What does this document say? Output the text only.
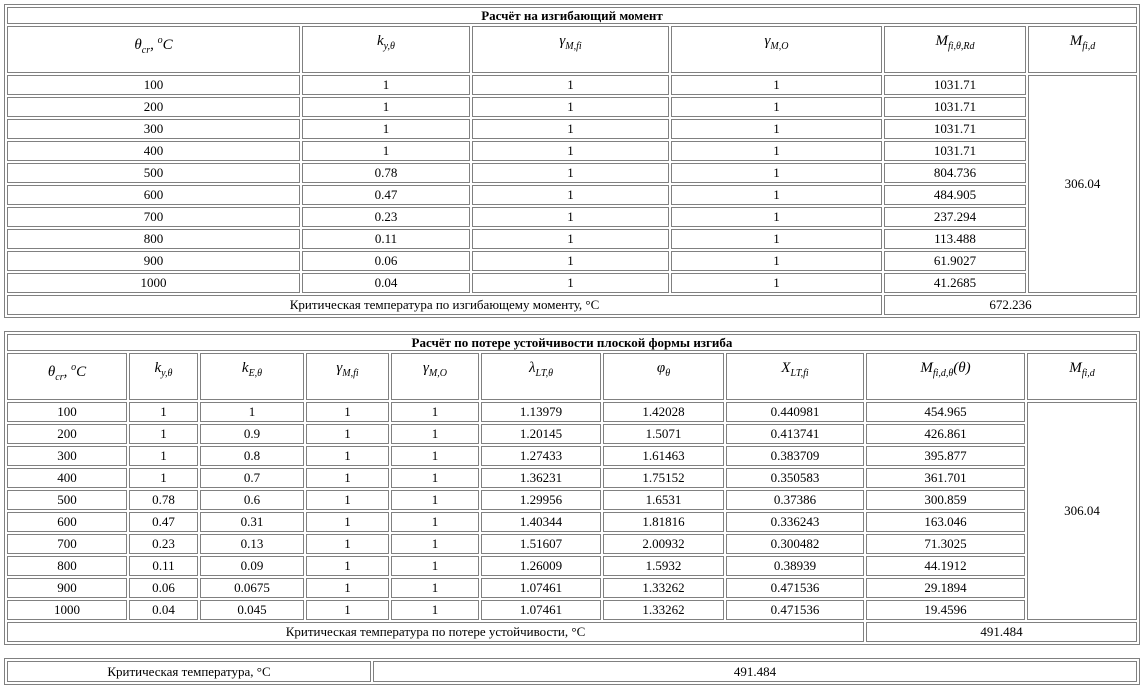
Расчёт на изгибающий момент					
$\theta_{cr}$, $^o$C	$k_{y,\theta}$	$\gamma_{M,fi}$	$\gamma_{M,O}$	$M_{fi,\theta,Rd}$	$M_{fi,d}$
100	1	1	1	1031.71	306.04
200	1	1	1	1031.71	
300	1	1	1	1031.71	
400	1	1	1	1031.71	
500	0.78	1	1	804.736	
600	0.47	1	1	484.905	
700	0.23	1	1	237.294	
800	0.11	1	1	113.488	
900	0.06	1	1	61.9027	
1000	0.04	1	1	41.2685	
Критическая температура по изгибающему моменту, °C				672.236	
Расчёт по потере устойчивости плоской формы изгиба									
$\theta_{cr}$, $^o$C	$k_{y,\theta}$	$k_{E,\theta}$	$\gamma_{M,fi}$	$\gamma_{M,O}$	$\lambda_{LT,\theta}$	$\varphi_\theta$	$X_{LT,fi}$	$M_{fi,d,\theta}(\theta)$	$M_{fi,d}$
100	1	1	1	1	1.13979	1.42028	0.440981	454.965	306.04
200	1	0.9	1	1	1.20145	1.5071	0.413741	426.861	
300	1	0.8	1	1	1.27433	1.61463	0.383709	395.877	
400	1	0.7	1	1	1.36231	1.75152	0.350583	361.701	
500	0.78	0.6	1	1	1.29956	1.6531	0.37386	300.859	
600	0.47	0.31	1	1	1.40344	1.81816	0.336243	163.046	
700	0.23	0.13	1	1	1.51607	2.00932	0.300482	71.3025	
800	0.11	0.09	1	1	1.26009	1.5932	0.38939	44.1912	
900	0.06	0.0675	1	1	1.07461	1.33262	0.471536	29.1894	
1000	0.04	0.045	1	1	1.07461	1.33262	0.471536	19.4596	
Критическая температура по потере устойчивости, °C								491.484	
Критическая температура, °C	491.484
